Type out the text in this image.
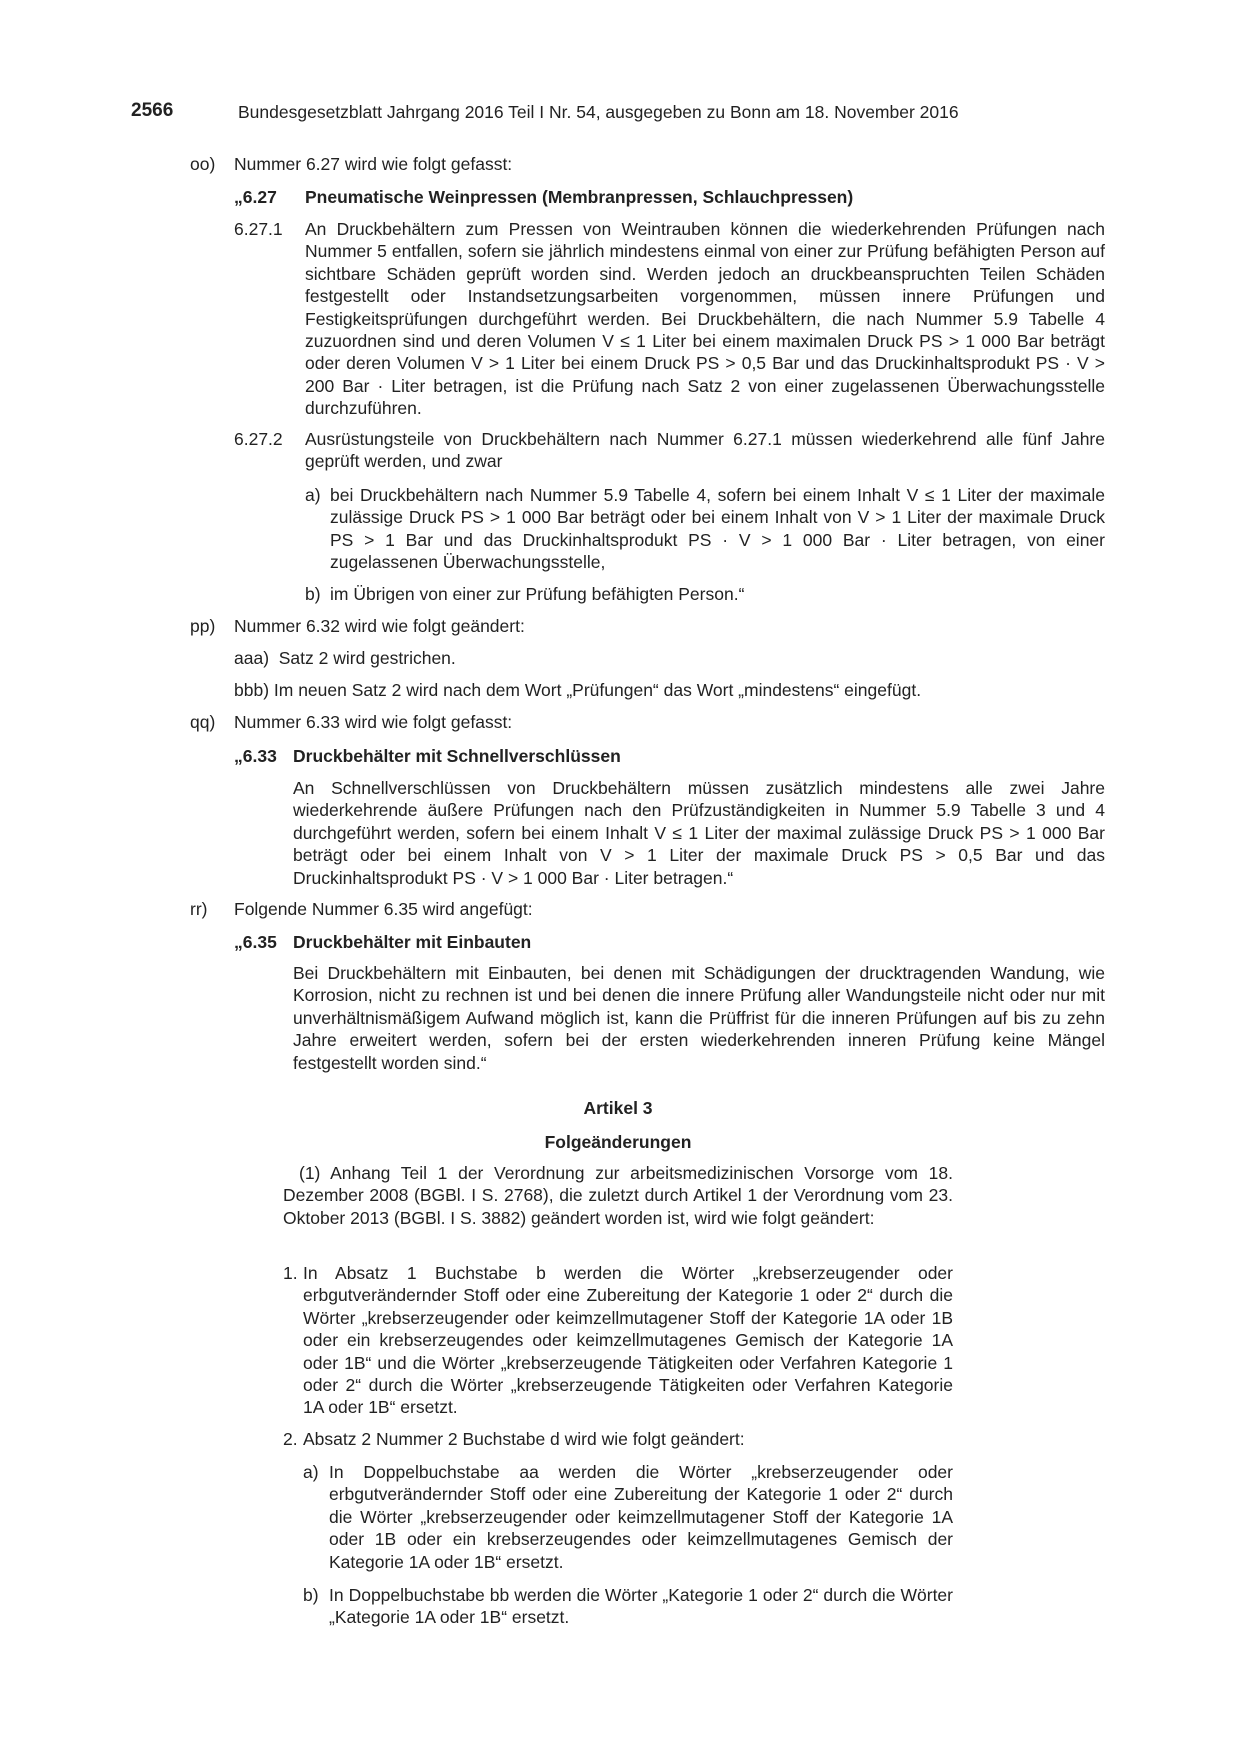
2566	Bundesgesetzblatt Jahrgang 2016 Teil I Nr. 54, ausgegeben zu Bonn am 18. November 2016
oo) Nummer 6.27 wird wie folgt gefasst:
„6.27 Pneumatische Weinpressen (Membranpressen, Schlauchpressen)
6.27.1 An Druckbehältern zum Pressen von Weintrauben können die wiederkehrenden Prüfungen nach Nummer 5 entfallen, sofern sie jährlich mindestens einmal von einer zur Prüfung befähigten Person auf sichtbare Schäden geprüft worden sind. Werden jedoch an druckbeanspruchten Teilen Schäden festgestellt oder Instandsetzungsarbeiten vorgenommen, müssen innere Prüfungen und Festigkeitsprüfungen durchgeführt werden. Bei Druckbehältern, die nach Nummer 5.9 Tabelle 4 zuzuordnen sind und deren Volumen V ≤ 1 Liter bei einem maximalen Druck PS > 1 000 Bar beträgt oder deren Volumen V > 1 Liter bei einem Druck PS > 0,5 Bar und das Druckinhaltsprodukt PS · V > 200 Bar · Liter betragen, ist die Prüfung nach Satz 2 von einer zugelassenen Überwachungsstelle durchzuführen.

6.27.2 Ausrüstungsteile von Druckbehältern nach Nummer 6.27.1 müssen wiederkehrend alle fünf Jahre geprüft werden, und zwar

a) bei Druckbehältern nach Nummer 5.9 Tabelle 4, sofern bei einem Inhalt V ≤ 1 Liter der maximale zulässige Druck PS > 1 000 Bar beträgt oder bei einem Inhalt von V > 1 Liter der maximale Druck PS > 1 Bar und das Druckinhaltsprodukt PS · V > 1 000 Bar · Liter betragen, von einer zugelassenen Überwachungsstelle,

b) im Übrigen von einer zur Prüfung befähigten Person.“

pp) Nummer 6.32 wird wie folgt geändert:
aaa)  Satz 2 wird gestrichen.
bbb) Im neuen Satz 2 wird nach dem Wort „Prüfungen“ das Wort „mindestens“ eingefügt.
qq) Nummer 6.33 wird wie folgt gefasst:
„6.33 Druckbehälter mit Schnellverschlüssen

An Schnellverschlüssen von Druckbehältern müssen zusätzlich mindestens alle zwei Jahre wiederkehrende äußere Prüfungen nach den Prüfzuständigkeiten in Nummer 5.9 Tabelle 3 und 4 durchgeführt werden, sofern bei einem Inhalt V ≤ 1 Liter der maximal zulässige Druck PS > 1 000 Bar beträgt oder bei einem Inhalt von V > 1 Liter der maximale Druck PS > 0,5 Bar und das Druckinhaltsprodukt PS · V > 1 000 Bar · Liter betragen.“

rr) Folgende Nummer 6.35 wird angefügt:
„6.35 Druckbehälter mit Einbauten

Bei Druckbehältern mit Einbauten, bei denen mit Schädigungen der drucktragenden Wandung, wie Korrosion, nicht zu rechnen ist und bei denen die innere Prüfung aller Wandungsteile nicht oder nur mit unverhältnismäßigem Aufwand möglich ist, kann die Prüffrist für die inneren Prüfungen auf bis zu zehn Jahre erweitert werden, sofern bei der ersten wiederkehrenden inneren Prüfung keine Mängel festgestellt worden sind.“

Artikel 3
Folgeänderungen

(1) Anhang Teil 1 der Verordnung zur arbeitsmedizinischen Vorsorge vom 18. Dezember 2008 (BGBl. I S. 2768), die zuletzt durch Artikel 1 der Verordnung vom 23. Oktober 2013 (BGBl. I S. 3882) geändert worden ist, wird wie folgt geändert:

1. In Absatz 1 Buchstabe b werden die Wörter „krebserzeugender oder erbgutverändernder Stoff oder eine Zubereitung der Kategorie 1 oder 2“ durch die Wörter „krebserzeugender oder keimzellmutagener Stoff der Kategorie 1A oder 1B oder ein krebserzeugendes oder keimzellmutagenes Gemisch der Kategorie 1A oder 1B“ und die Wörter „krebserzeugende Tätigkeiten oder Verfahren Kategorie 1 oder 2“ durch die Wörter „krebserzeugende Tätigkeiten oder Verfahren Kategorie 1A oder 1B“ ersetzt.

2. Absatz 2 Nummer 2 Buchstabe d wird wie folgt geändert:

a) In Doppelbuchstabe aa werden die Wörter „krebserzeugender oder erbgutverändernder Stoff oder eine Zubereitung der Kategorie 1 oder 2“ durch die Wörter „krebserzeugender oder keimzellmutagener Stoff der Kategorie 1A oder 1B oder ein krebserzeugendes oder keimzellmutagenes Gemisch der Kategorie 1A oder 1B“ ersetzt.

b) In Doppelbuchstabe bb werden die Wörter „Kategorie 1 oder 2“ durch die Wörter „Kategorie 1A oder 1B“ ersetzt.
